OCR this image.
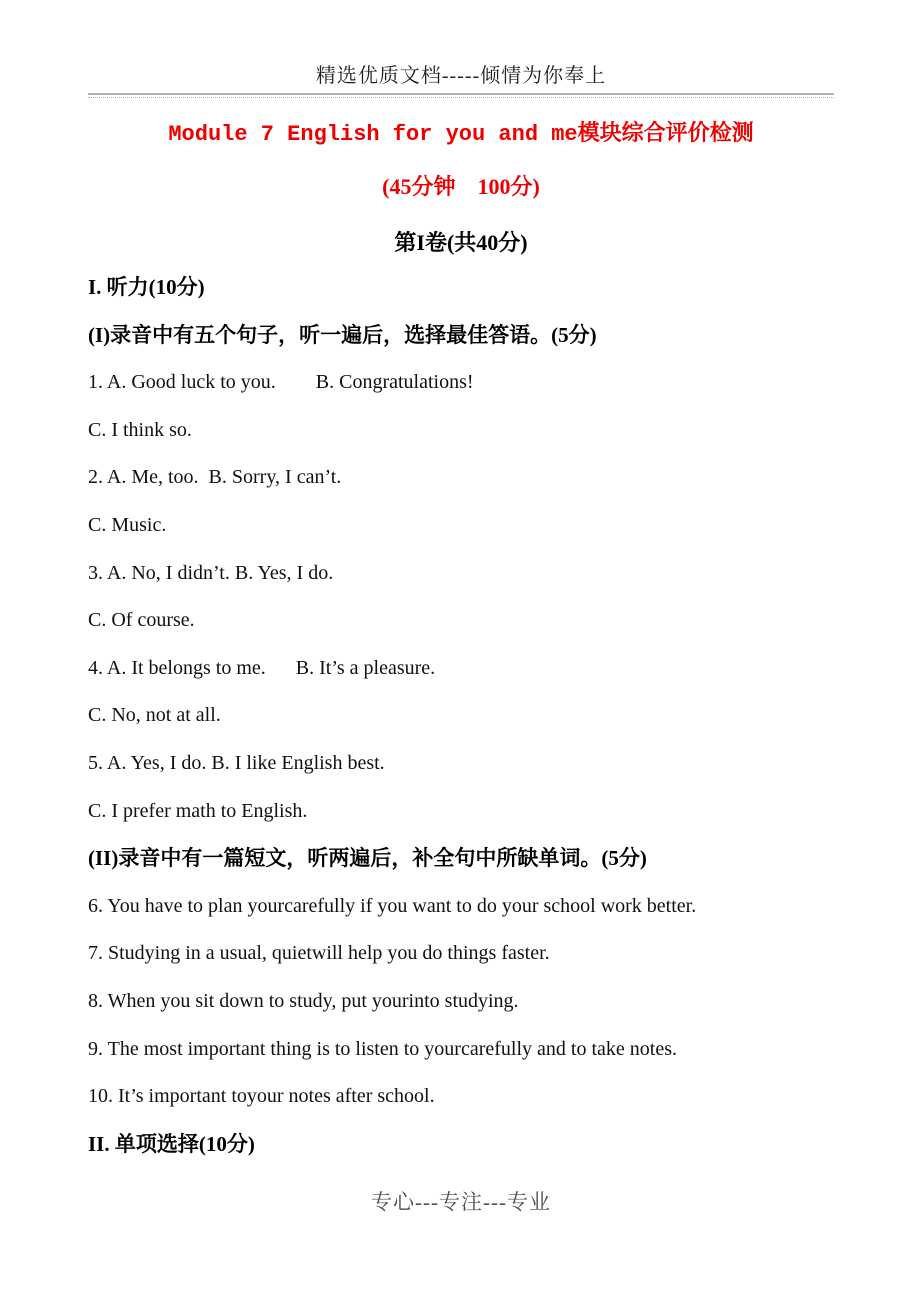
精选优质文档-----倾情为你奉上
Module 7 English for you and me模块综合评价检测
(45分钟　100分)
第I卷(共40分)
I. 听力(10分)
(I)录音中有五个句子，听一遍后，选择最佳答语。(5分)
1. A. Good luck to you.        B. Congratulations!
C. I think so.
2. A. Me, too.  B. Sorry, I can’t.
C. Music.
3. A. No, I didn’t. B. Yes, I do.
C. Of course.
4. A. It belongs to me.      B. It’s a pleasure.
C. No, not at all.
5. A. Yes, I do. B. I like English best.
C. I prefer math to English.
(II)录音中有一篇短文，听两遍后，补全句中所缺单词。(5分)
6. You have to plan yourcarefully if you want to do your school work better.
7. Studying in a usual, quietwill help you do things faster.
8. When you sit down to study, put yourinto studying.
9. The most important thing is to listen to yourcarefully and to take notes.
10. It’s important toyour notes after school.
II. 单项选择(10分)
专心---专注---专业
